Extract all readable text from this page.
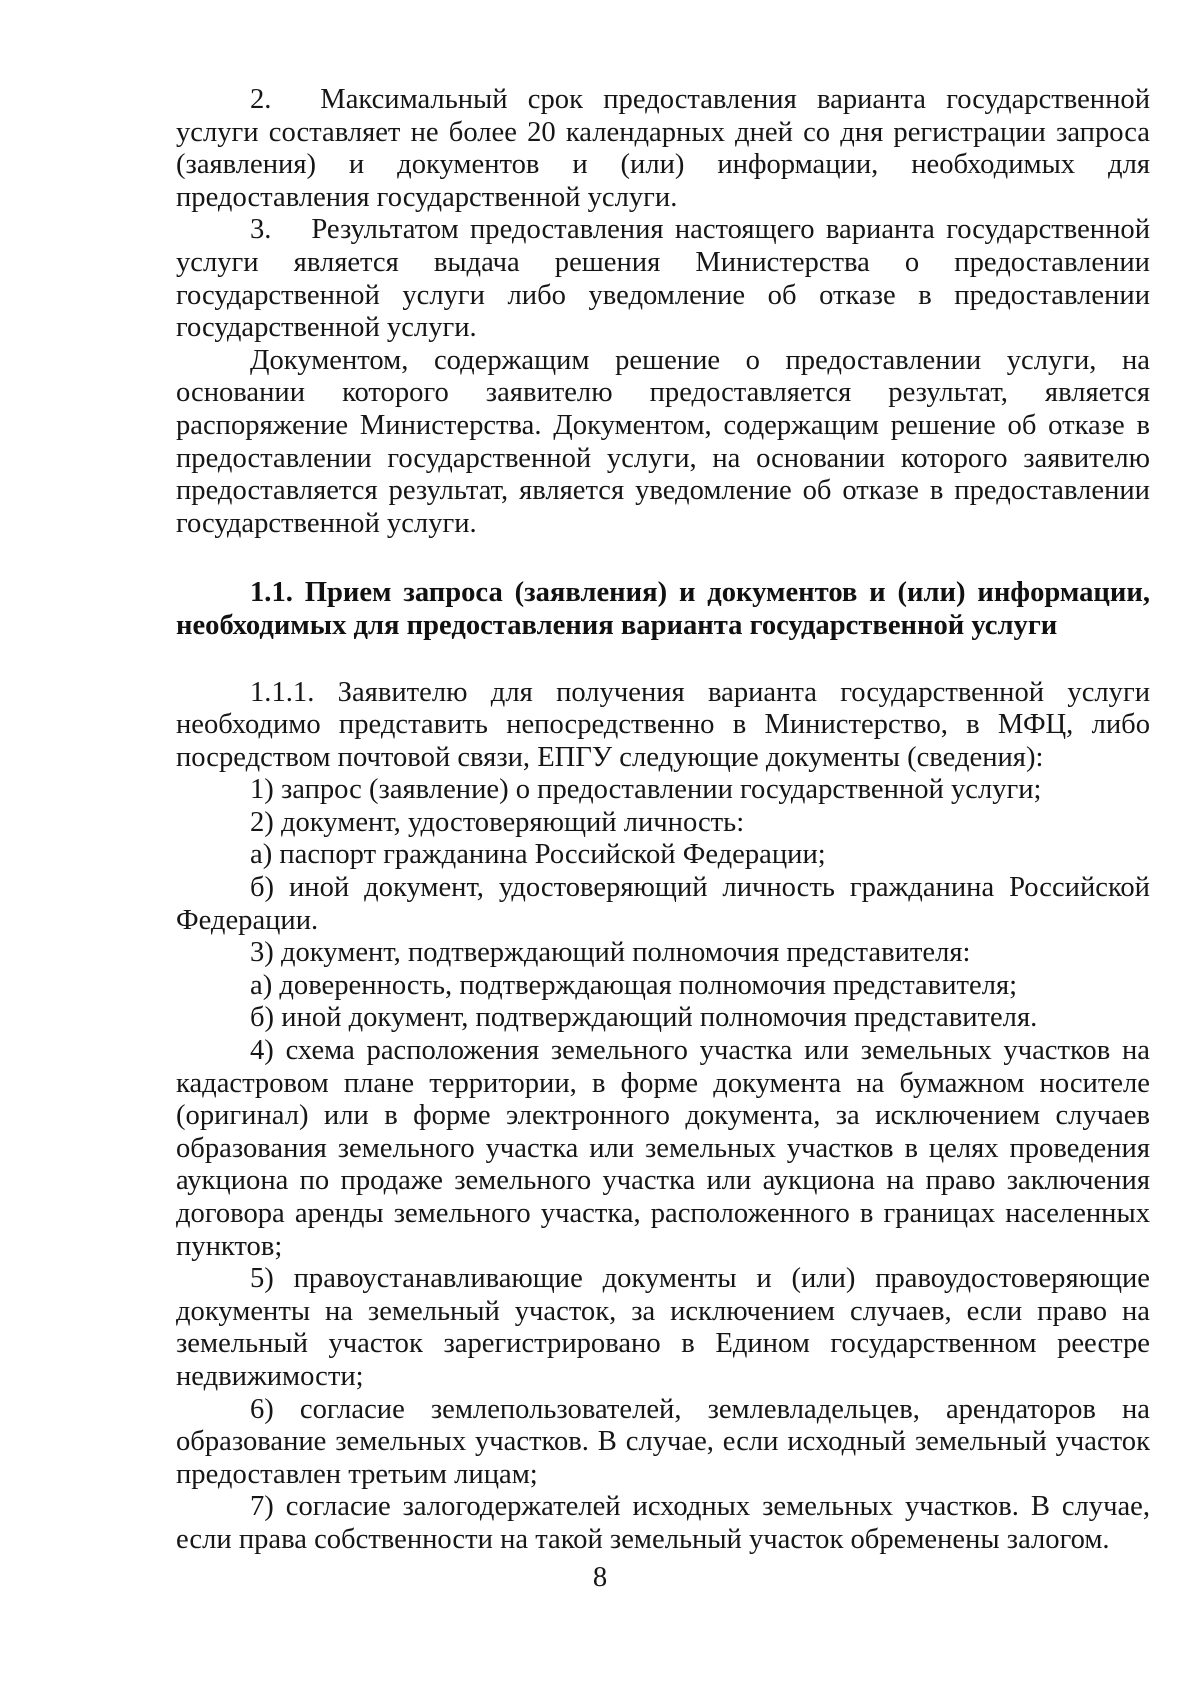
2.  Максимальный срок предоставления варианта государственной услуги составляет не более 20 календарных дней со дня регистрации запроса (заявления) и документов и (или) информации, необходимых для предоставления государственной услуги.

3.  Результатом предоставления настоящего варианта государственной услуги является выдача решения Министерства о предоставлении государственной услуги либо уведомление об отказе в предоставлении государственной услуги.

Документом, содержащим решение о предоставлении услуги, на основании которого заявителю предоставляется результат, является распоряжение Министерства. Документом, содержащим решение об отказе в предоставлении государственной услуги, на основании которого заявителю предоставляется результат, является уведомление об отказе в предоставлении государственной услуги.

1.1. Прием запроса (заявления) и документов и (или) информации, необходимых для предоставления варианта государственной услуги

1.1.1. Заявителю для получения варианта государственной услуги необходимо представить непосредственно в Министерство, в МФЦ, либо посредством почтовой связи, ЕПГУ следующие документы (сведения):

1) запрос (заявление) о предоставлении государственной услуги;

2) документ, удостоверяющий личность:

а) паспорт гражданина Российской Федерации;

б) иной документ, удостоверяющий личность гражданина Российской Федерации.

3) документ, подтверждающий полномочия представителя:

а) доверенность, подтверждающая полномочия представителя;

б) иной документ, подтверждающий полномочия представителя.

4) схема расположения земельного участка или земельных участков на кадастровом плане территории, в форме документа на бумажном носителе (оригинал) или в форме электронного документа, за исключением случаев образования земельного участка или земельных участков в целях проведения аукциона по продаже земельного участка или аукциона на право заключения договора аренды земельного участка, расположенного в границах населенных пунктов;

5) правоустанавливающие документы и (или) правоудостоверяющие документы на земельный участок, за исключением случаев, если право на земельный участок зарегистрировано в Едином государственном реестре недвижимости;

6) согласие землепользователей, землевладельцев, арендаторов на образование земельных участков. В случае, если исходный земельный участок предоставлен третьим лицам;

7) согласие залогодержателей исходных земельных участков. В случае, если права собственности на такой земельный участок обременены залогом.

8
